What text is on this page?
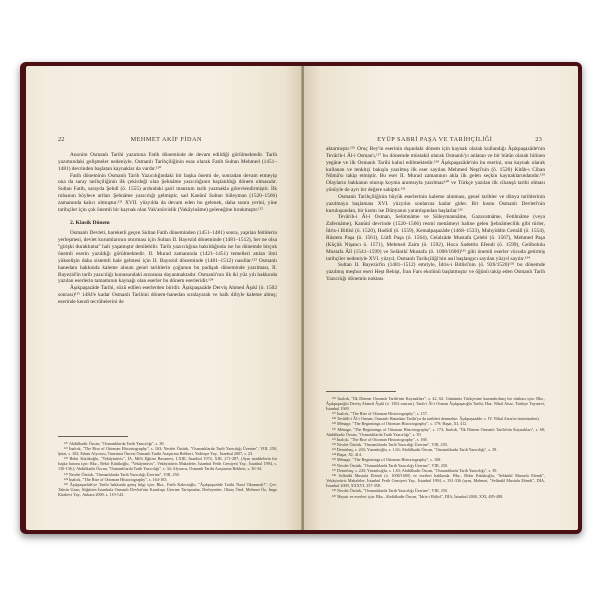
22	MEHMET AKİF FİDAN

Anonim Osmanlı Tarihi yazımına Fatih döneminde de devam edildiği görülmektedir. Tarih yazımındaki gelişmeler nedeniyle, Osmanlı Tarihçiliğinin esas olarak Fatih Sultan Mehmed (1451–1481) devrinden başlatan kaynaklar da vardır.¹²⁰

Fatih döneminin Osmanlı Tarih Yazıcılığındaki bir başka önemi de, sonradan devam etmeyip ona da saray tarihçiliğinin ilk çekirdeği olan Şehnâme yazıcılığının başlatıldığı dönem olmasıdır. Sultan Fatih, sarayda Şehdî (ö. 1555) ardındaki şairi manzum tarih yazmakla görevlendirmiştir. İlk rubaının böylece artları Şehnâme yazıcılığı gelmiştir, sad Kanûnî Sultan Süleyman (1520–1566) zamanında kalıcı olmuştur.¹²¹ XVII. yüzyılda da devam eden bu gelenek, daha sonra yerini, yine tarihçiler için çok önemli bir kaynak olan Vak'anüvislik (Vakâyinâme) geleneğine bırakmıştır.¹²²

2. Klasik Dönem

Osmanlı Devleti, hareketli geçen Sultan Fatih döneminden (1451–1481) sonra, yapılan fetihlerin yerleşmesi, devlet kurumlarının oturması için Sultan II. Bayezid döneminde (1481–1512), her ne olsa "girişki durakluma" hali yaşamıştır denilebilir. Tarih yazıcılığına bakıldığında ise bu dönemde birçok önemli eserin yazıldığı görülmektedir. II. Murad zamanında (1421–1451) temelleri atılan ilmi yükselişin daha sistemli hale gelmesi için II. Bayezid döneminde (1481–1512) nasıllar.¹²³ Osmanlı hanedanı hakkında kaleme alınan genel tarihlerin çoğunun bu padişah döneminde yazılması, II. Bayezid'in tarih yazıcılığı konusundaki arzusuna dayanmaktadır. Osmanlı'nın ilk iki yüz yılı hakkında yazılan eserlerin tamamının kaynağı olan eserler bu dönem eserleridir.¹²⁴

Âşıkpaşazâde Tarihi, sözü edilen eserlerden biridir. Âşıkpaşazâde Derviş Ahmed Âşıkî (ö. 1502 sonrası)¹²⁵ 1484'e kadar Osmanlı Tarihini dönem-hanedan sıralayarak ve halk diliyle kaleme almış; eserinde kendi tecrübelerini de

¹²⁰ Abdülkadir Özcan, "Osmanlılarda Tarih Yazıcılığı", s. 39.

¹²¹ İnalcık, "The Rise of Ottoman Historiography", s. 163; Necdet Öztürk, "Osmanlılarda Tarih Yazıcılığı Üzerine", VIII, 250; Şatai, s. 102; Erhan Afyoncu, Tanzimat Öncesi Osmanlı Tarihi Araştırma Rehberi, Yeditepe Yay., İstanbul 2007, s. 23.

¹²² Bekir Kütükoğlu, "Vekâyinüvis", İA, Milli Eğitim Basımevi, LXIII, İstanbul 1974, XIII, 271-287; (Aynı maddelerin bir başka basımı için: Bkz., Bekir Kütükoğlu, "Vekâyinüvis", Vekâyinüvis Makaleler, İstanbul Fetih Cemiyeti Yay., İstanbul 1994, s. 130-136.); Abdülkadir Özcan, "Osmanlılarda Tarih Yazıcılığı", s. 34; Afyoncu, Osmanlı Tarihi Araştırma Rehberi, s. 30-34.

¹²³ Necdet Öztürk, "Osmanlılarda Tarih Yazıcılığı Üzerine", VIII, 250.

¹²⁴ İnalcık, "The Rise of Ottoman Historiography", s. 164-165.

¹²⁵ Âşıkpaşazâde'ye Tarihi hakkında geniş bilgi için: Bkz., Fatih Kalecioğlu, "Âşıkpaşazâde Tarihi Nasıl Okunmalı?", Çev. Tahsin Uzun, Söğütten İstanbula Osmanlı Devleti'nin Kuruluşu Üzerine Tartışmalar, Derleyenler, Oktay Özel, Mehmet Öz, İmge Kitabevi Yay., Ankara 2000, s. 119-143.

EYÜP SABRİ PAŞA VE TARİHÇİLİĞİ	23

aktarmıştır.¹²⁶ Oruç Bey'in eserinin dışındaki dönem için kaynak olarak kullandığı Âşıkpaşazâde'nin Tevârih-i Âl-i Osman'ı,¹²⁷ bu dönemde müstakil olarak Osmanlı'yı anlatan ve bir bütün olarak bilinen yegâne ve ilk Osmanlı Tarihi kabul edilmektedir.¹²⁸ Âşıkpaşazâde'nin bu eserini, ona kaynak olarak kullanan ve tenkitçi bakışla yazılmış ilk eser sayılan Mehmed Neşrî'nin (ö. 1520) Kitâb-ı Cihan Nümâ'sı takip etmiştir. Bu eser II. Murad zamanının akla ilk gelen seçkin kaynaklarındandır.¹²⁹ Olayların bakkanın oturup koyma anımsıyla yazılmaz¹³⁰ ve Türkçe yazılan ilk cihanşâ tarihi olması yönüyle de ayrı bir değere sahiptir.¹³¹

Osmanlı Tarihçiliğinin büyük eserlerinin kaleme alınması, genel tarihler ve dünya tarihlerinin yazılmaya başlaması XVI. yüzyılın sonlarına kadar gider. Bir kısmı Osmanlı Devleti'nin kuruluşundan, bir kısmı ise Dünyanın yaratılışından başlarlar.¹³²

Tevârih-i Âl-i Osman, Selimnâme ve Süleymannâme, Gazavatnâme, Fetihnâme (veya Zafernâme), Kanûnî devrinde (1520–1566) resmi menâmeyi haline gelen Şehnâmecilik gibi türler, İdris-i Bitlisî (ö. 1520), Hadîdî (ö. 1559), Kemalpaşazâde (1468–1533), Muhyiddin Cemâlî (ö. 1554), Rüstem Paşa (ö. 1561), Lütfi Paşa (ö. 1564), Celalzâde Mustafa Çelebi (ö. 1567), Mehmed Paşa (Küçük Nişancı ö. 1571), Mehmed Zaim (ö. 1592), Hoca Sadettin Efendi (ö. 1599), Gelibolulu Mustafa Âlî (1541–1599) ve Selânikî Mustafa (ö. 1008/1600)¹³³ gibi önemli eserler vücuda getirmiş tarihçiler nedeniyle XVI. yüzyıl, Osmanlı Tarihçiliği'nin asıl başlangıcı sayılan yüzyıl sayılır.¹³⁴

Sultan II. Bayezid'in (1481–1512) emriyle, İdris-i Bitlisî'nin (ö. 926/1520)¹³⁵ bu dönemde yazılmış meşhur eseri Heşt Behişt, İran Fars ekolünü başlatmıştır ve öğünü takip eden Osmanlı Tarih Yazıcılığı dönemin noktası

¹²⁶ İnalcık, "İlk Dönem Osmanlı Tarihi'nin Kaynakları", s. 42, 62. Günümüz Türkçesine kazandırılmış bir nüshası için: Bkz., Âşıkpaşaoğlu Derviş Ahmed Âşıkî (ö. 1502 sonrası), Tarih-i Âl-i Osman Âşıkpaşaoğlu Tarihi, Haz. Nihal Atsız, Türkiye Yayınevi, İstanbul 1949.

¹²⁷ İnalcık, "The Rise of Ottoman Historiography", s. 157.

¹²⁸ Tevârîh-i Âl-i Osman, Osmanlı Hanedanı Tarihi'ya da tarihleri denmekte: Âşıkpaşazâde, s. IV. Nihal Atsız'ın önsözünden).

¹²⁹ Ménage, "The Beginnings of Ottoman Historiography", s. 179; Başar, XI, 412.

¹³⁰ Ménage, "The Beginnings of Ottoman Historiography", s. 173; İnalcık, "İlk Dönem Osmanlı Tarihi'nin Kaynakları", s. 68; Abdülkadir Özcan, "Osmanlılarda Tarih Yazıcılığı", s. 39.

¹³¹ İnalcık, "The Rise of Ottoman Historiography", s. 168.

¹³² Necdet Öztürk, "Osmanlılarda Tarih Yazıcılığı Üzerine", VIII, 250.

¹³³ Demirbaş, s. 243; Yınanlıoğlu, s. 1,63; Abdülkadir Özcan, "Osmanlılarda Tarih Yazıcılığı", s. 39.

¹³⁴ Başar, XI, 414.

¹³⁵ Ménage, "The Beginnings of Ottoman Historiography", s. 168.

¹³⁶ Necdet Öztürk, "Osmanlılarda Tarih Yazıcılığı Üzerine", VIII, 250.

¹³⁷ Demirbaş, s. 243; Yınanlıoğlu, s. 1,63; Abdülkadir Özcan, "Osmanlılarda Tarih Yazıcılığı", s. 39.

¹³⁸ Selânikî Mustafa Efendi (ö. 1008/1600) ve eserleri hakkında. Bkz., Bekir Kütükoğlu, "Selânikî Mustafa Efendi", Vekâyinüvis Makaleler, İstanbul Fetih Cemiyeti Yay., İstanbul 1994, s. 331-336 (aynı, Mehmet, "Selânikî Mustafa Efendi", DİA, İstanbul 2009, XXXVI, 357-358.

¹³⁹ Necdet Öztürk, "Osmanlılarda Tarih Yazıcılığı Üzerine", VIII, 250.

¹⁴⁰ Hayatı ve eserleri için: Bkz., Abdülkadir Özcan, "İdris-i Bitlisî", DİA, İstanbul 2000, XXI, 485-488.
